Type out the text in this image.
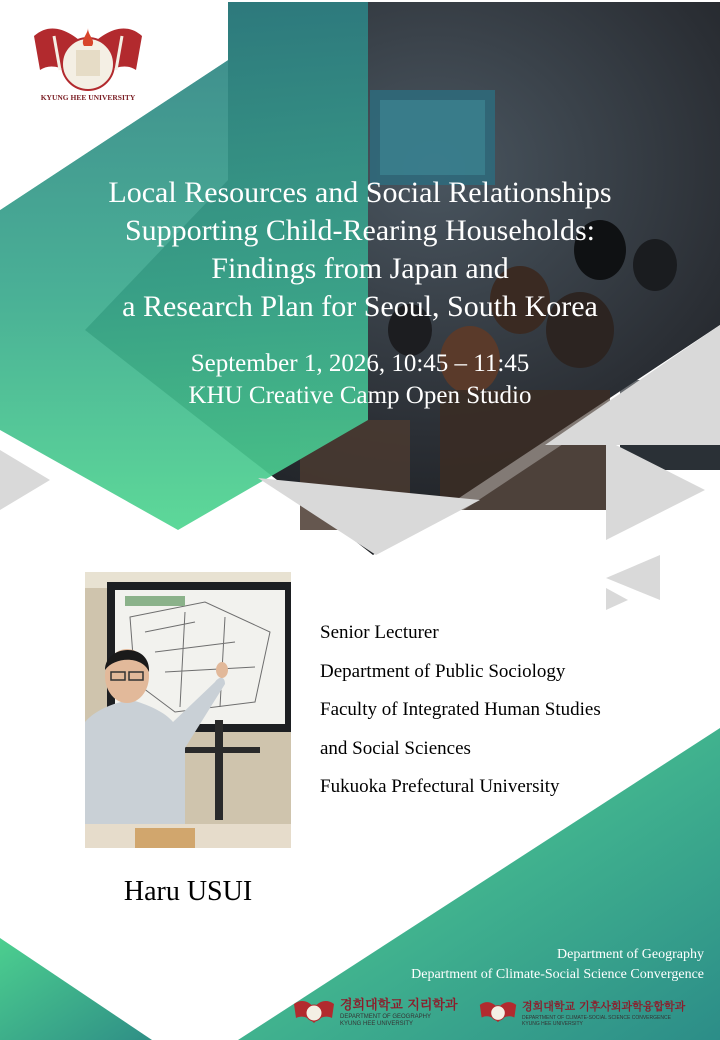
KYUNG HEE UNIVERSITY
Local Resources and Social Relationships
Supporting Child-Rearing Households:
Findings from Japan and
a Research Plan for Seoul, South Korea
September 1, 2026, 10:45 – 11:45
KHU Creative Camp Open Studio
Haru USUI
Senior Lecturer
Department of Public Sociology
Faculty of Integrated Human Studies
and Social Sciences
Fukuoka Prefectural University
Department of Geography
Department of Climate-Social Science Convergence
경희대학교 지리학과
DEPARTMENT OF GEOGRAPHY
KYUNG HEE UNIVERSITY
경희대학교 기후사회과학융합학과
DEPARTMENT OF CLIMATE-SOCIAL SCIENCE CONVERGENCE
KYUNG HEE UNIVERSITY
